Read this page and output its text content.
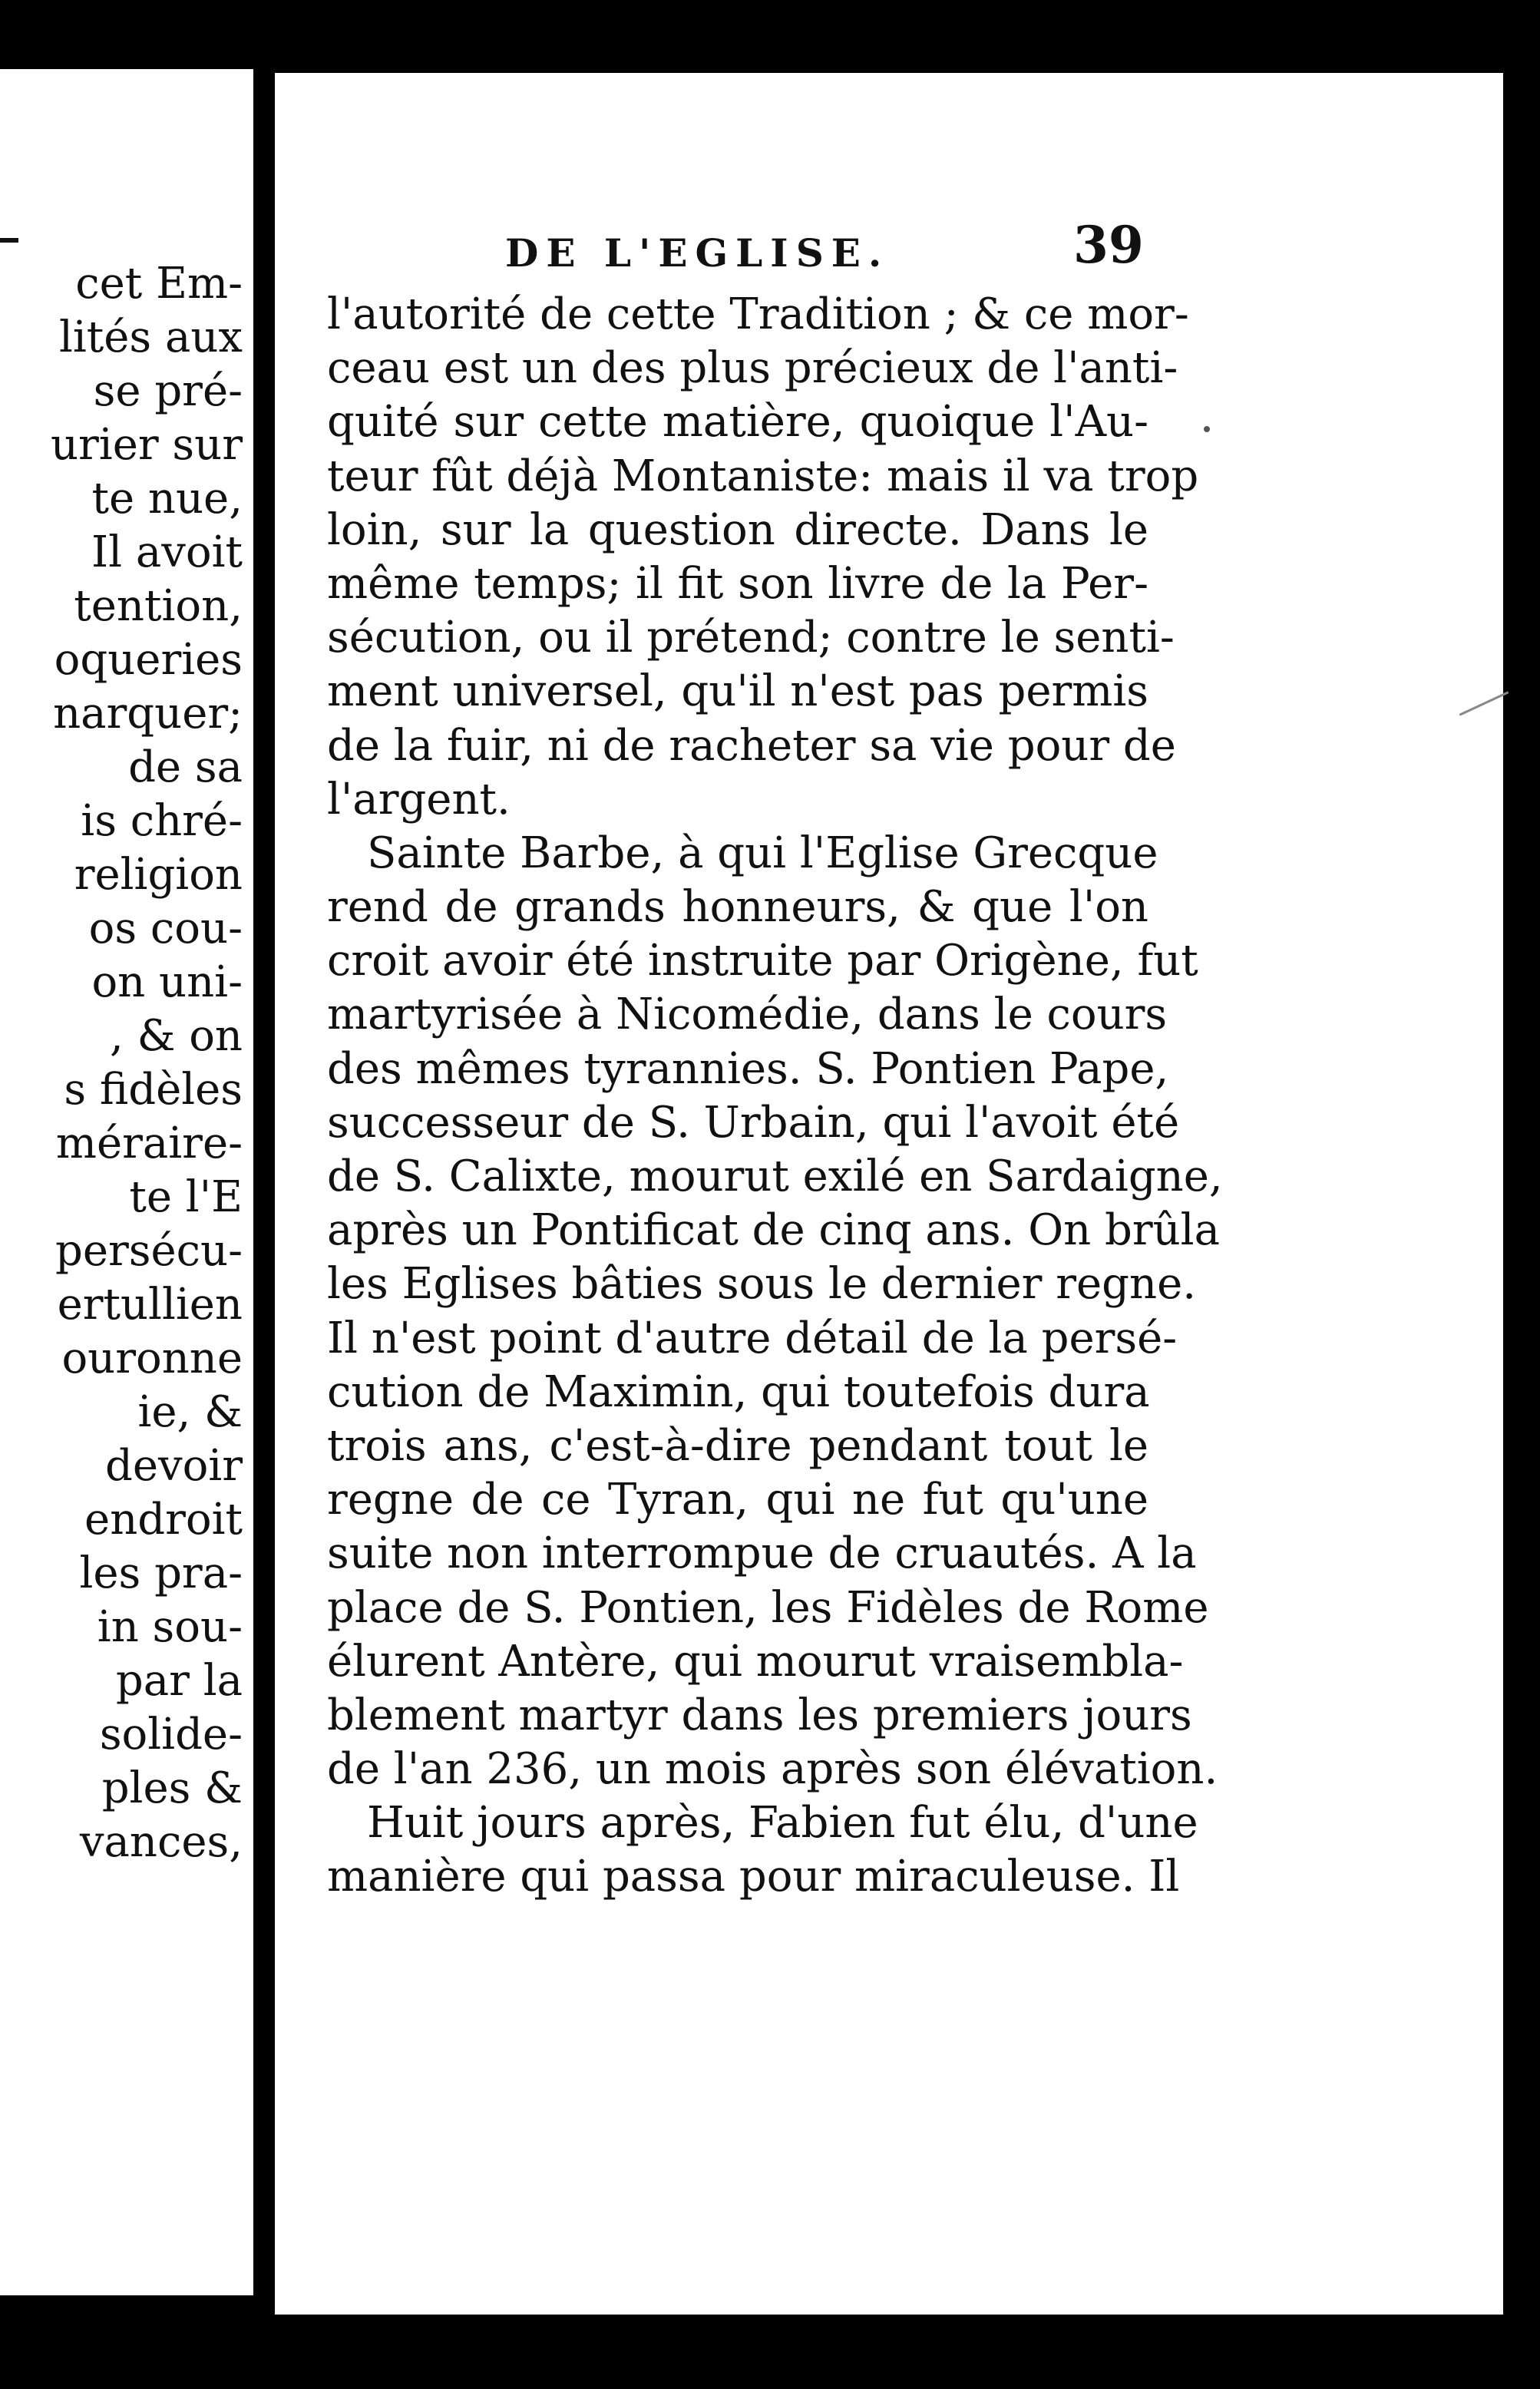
cet Em-
lités aux
se pré-
urier sur
te nue,
Il avoit
tention,
oqueries
narquer;
de sa
is chré-
religion
os cou-
on uni-
, & on
s fidèles
méraire-
te l'E
persécu-
ertullien
ouronne
ie, &
devoir
endroit
les pra-
in sou-
par la
solide-
ples &
vances,
DE L'EGLISE.	39
l'autorité de cette Tradition ; & ce mor-
ceau est un des plus précieux de l'anti-
quité sur cette matière, quoique l'Au-
teur fût déjà Montaniste: mais il va trop
loin, sur la question directe. Dans le
même temps; il fit son livre de la Per-
sécution, ou il prétend; contre le senti-
ment universel, qu'il n'est pas permis
de la fuir, ni de racheter sa vie pour de
l'argent.
Sainte Barbe, à qui l'Eglise Grecque
rend de grands honneurs, & que l'on
croit avoir été instruite par Origène, fut
martyrisée à Nicomédie, dans le cours
des mêmes tyrannies. S. Pontien Pape,
successeur de S. Urbain, qui l'avoit été
de S. Calixte, mourut exilé en Sardaigne,
après un Pontificat de cinq ans. On brûla
les Eglises bâties sous le dernier regne.
Il n'est point d'autre détail de la persé-
cution de Maximin, qui toutefois dura
trois ans, c'est-à-dire pendant tout le
regne de ce Tyran, qui ne fut qu'une
suite non interrompue de cruautés. A la
place de S. Pontien, les Fidèles de Rome
élurent Antère, qui mourut vraisembla-
blement martyr dans les premiers jours
de l'an 236, un mois après son élévation.
Huit jours après, Fabien fut élu, d'une
manière qui passa pour miraculeuse. Il
